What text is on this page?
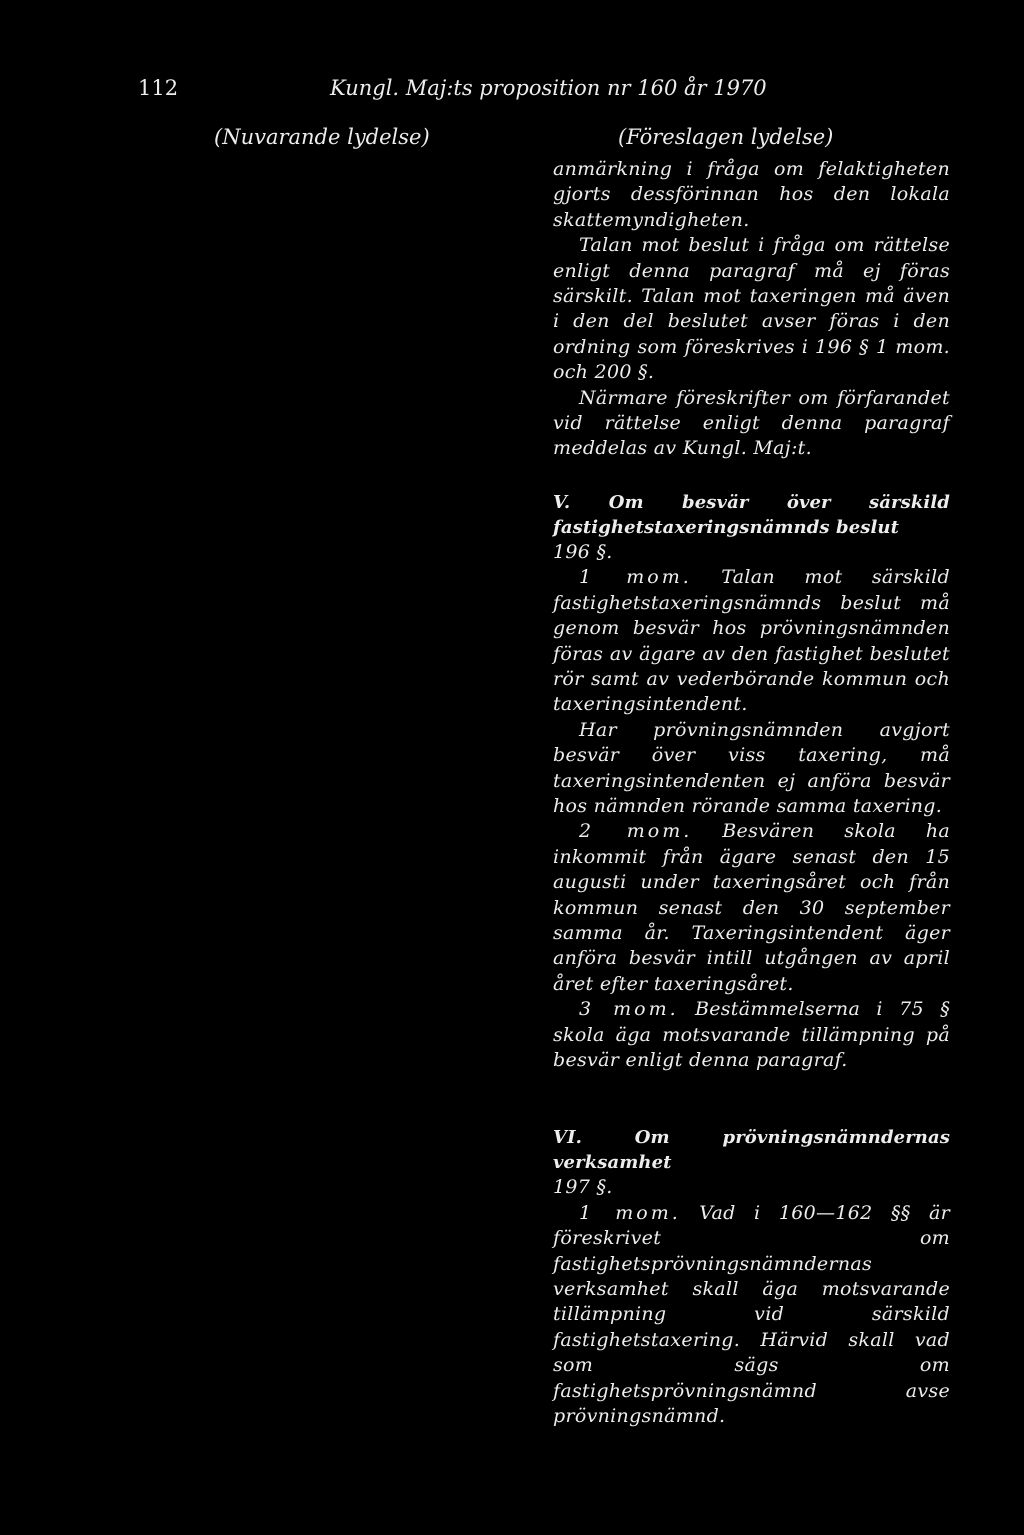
112	Kungl. Maj:ts proposition nr 160 år 1970
(Nuvarande lydelse)	(Föreslagen lydelse)

anmärkning i fråga om felaktigheten gjorts dessförinnan hos den lokala skattemyndigheten.

Talan mot beslut i fråga om rättelse enligt denna paragraf må ej föras särskilt. Talan mot taxeringen må även i den del beslutet avser föras i den ordning som föreskrives i 196 § 1 mom. och 200 §.

Närmare föreskrifter om förfarandet vid rättelse enligt denna paragraf meddelas av Kungl. Maj:t.

V. Om besvär över särskild fastighetstaxeringsnämnds beslut

196 §.

1 mom. Talan mot särskild fastighetstaxeringsnämnds beslut må genom besvär hos prövningsnämnden föras av ägare av den fastighet beslutet rör samt av vederbörande kommun och taxeringsintendent.

Har prövningsnämnden avgjort besvär över viss taxering, må taxeringsintendenten ej anföra besvär hos nämnden rörande samma taxering.

2 mom. Besvären skola ha inkommit från ägare senast den 15 augusti under taxeringsåret och från kommun senast den 30 september samma år. Taxeringsintendent äger anföra besvär intill utgången av april året efter taxeringsåret.

3 mom. Bestämmelserna i 75 § skola äga motsvarande tillämpning på besvär enligt denna paragraf.

VI.	Om prövningsnämndernas verksamhet

197 §.

1 mom. Vad i 160—162 §§ är föreskrivet om fastighetsprövningsnämndernas verksamhet skall äga motsvarande tillämpning vid särskild fastighetstaxering. Härvid skall vad som sägs om fastighetsprövningsnämnd avse prövningsnämnd.
